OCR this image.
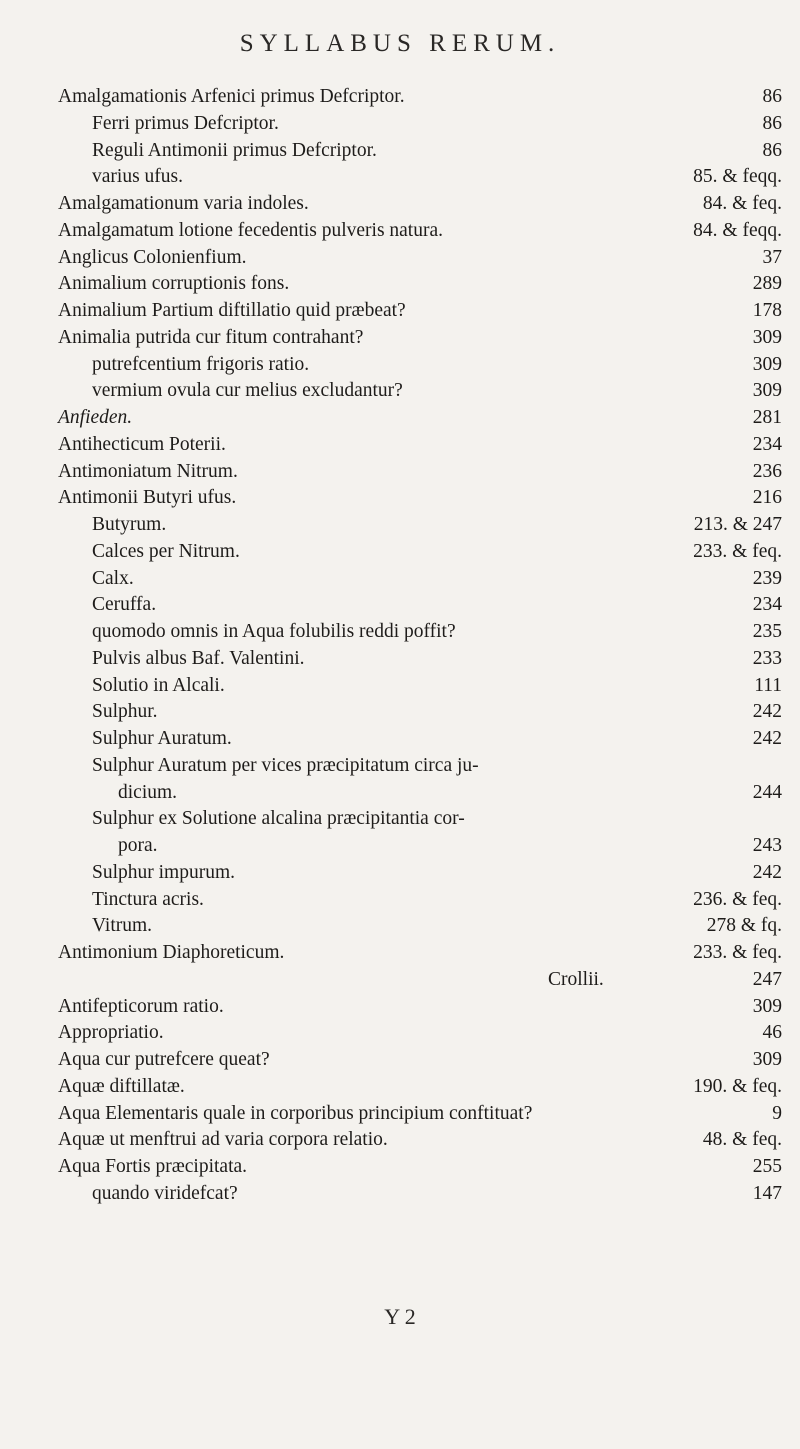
SYLLABUS RERUM.
Amalgamationis Arfenici primus Defcriptor.	86
Ferri primus Defcriptor.	86
Reguli Antimonii primus Defcriptor.	86
varius ufus.	85. & feqq.
Amalgamationum varia indoles.	84. & feq.
Amalgamatum lotione fecedentis pulveris natura.	84. & feqq.
Anglicus Colonienfium.	37
Animalium corruptionis fons.	289
Animalium Partium diftillatio quid præbeat?	178
Animalia putrida cur fitum contrahant?	309
putrefcentium frigoris ratio.	309
vermium ovula cur melius excludantur?	309
Anfieden.	281
Antihecticum Poterii.	234
Antimoniatum Nitrum.	236
Antimonii Butyri ufus.	216
Butyrum.	213. & 247
Calces per Nitrum.	233. & feq.
Calx.	239
Ceruffa.	234
quomodo omnis in Aqua folubilis reddi poffit?	235
Pulvis albus Baf. Valentini.	233
Solutio in Alcali.	111
Sulphur.	242
Sulphur Auratum.	242
Sulphur Auratum per vices præcipitatum circa ju-
dicium.	244
Sulphur ex Solutione alcalina præcipitantia cor-
pora.	243
Sulphur impurum.	242
Tinctura acris.	236. & feq.
Vitrum.	278 & fq.
Antimonium Diaphoreticum.	233. & feq.
Crollii.	247
Antifepticorum ratio.	309
Appropriatio.	46
Aqua cur putrefcere queat?	309
Aquæ diftillatæ.	190. & feq.
Aqua Elementaris quale in corporibus principium conftituat?	9
Aquæ ut menftrui ad varia corpora relatio.	48. & feq.
Aqua Fortis præcipitata.	255
quando viridefcat?	147
Y 2
